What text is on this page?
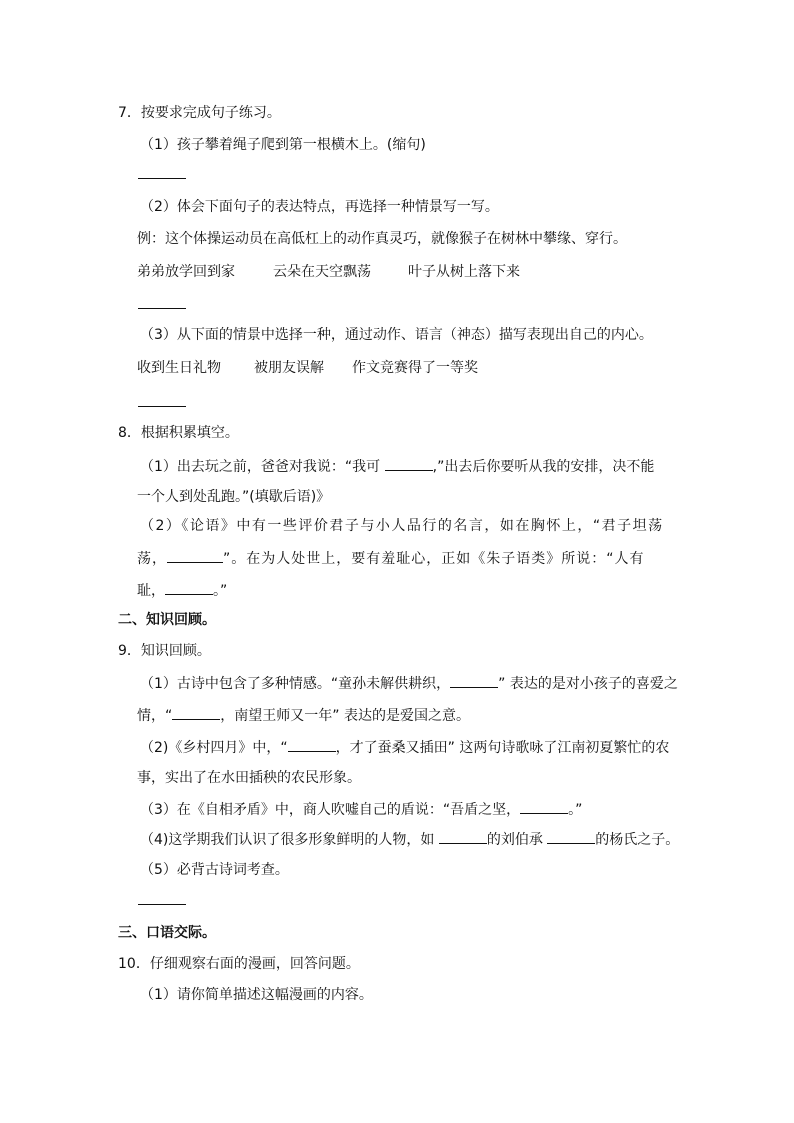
7．按要求完成句子练习。
（1）孩子攀着绳子爬到第一根横木上。(缩句)
（2）体会下面句子的表达特点，再选择一种情景写一写。
例：这个体操运动员在高低杠上的动作真灵巧，就像猴子在树林中攀缘、穿行。
弟弟放学回到家	云朵在天空飘荡	叶子从树上落下来
（3）从下面的情景中选择一种，通过动作、语言（神态）描写表现出自己的内心。
收到生日礼物 被朋友误解 作文竞赛得了一等奖
8．根据积累填空。
（1）出去玩之前，爸爸对我说：“我可	,”出去后你要听从我的安排，决不能
一个人到处乱跑。”(填歇后语)》
（2）《论语》中有一些评价君子与小人品行的名言，如在胸怀上，“君子坦荡
荡，	”。在为人处世上，要有羞耻心，正如《朱子语类》所说：“人有
耻，	。”
二、知识回顾。
9．知识回顾。
（1）古诗中包含了多种情感。“童孙未解供耕织，	” 表达的是对小孩子的喜爱之
情，“	，南望王师又一年” 表达的是爱国之意。
（2)《乡村四月》中，“	，才了蚕桑又插田” 这两句诗歌咏了江南初夏繁忙的农
事，实出了在水田插秧的农民形象。
（3）在《自相矛盾》中，商人吹嘘自己的盾说：“吾盾之坚，	。”
（4)这学期我们认识了很多形象鲜明的人物，如	的刘伯承	的杨氏之子。
（5）必背古诗词考查。
三、口语交际。
10．仔细观察右面的漫画，回答问题。
（1）请你简单描述这幅漫画的内容。
